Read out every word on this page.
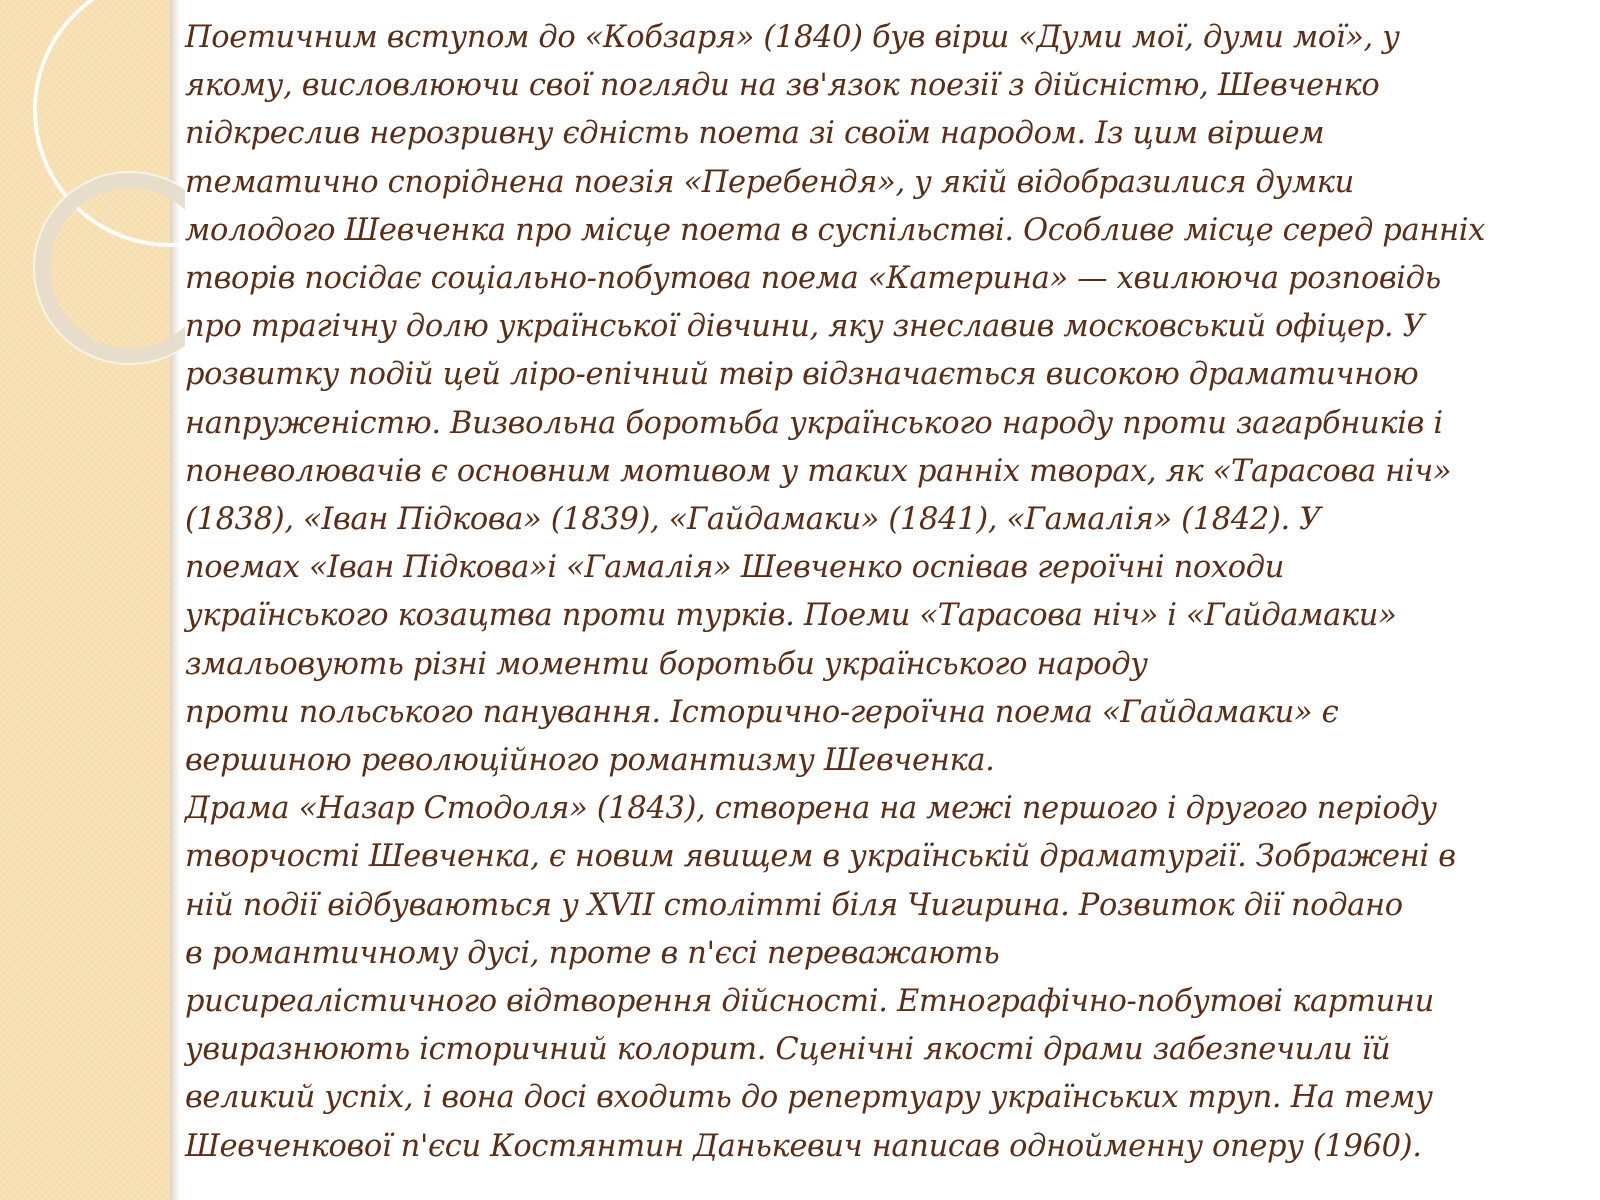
Поетичним вступом до «Кобзаря» (1840) був вірш «Думи мої, думи мої», у
якому, висловлюючи свої погляди на зв'язок поезії з дійсністю, Шевченко
підкреслив нерозривну єдність поета зі своїм народом. Із цим віршем
тематично споріднена поезія «Перебендя», у якій відобразилися думки
молодого Шевченка про місце поета в суспільстві. Особливе місце серед ранніх
творів посідає соціально-побутова поема «Катерина» — хвилююча розповідь
про трагічну долю української дівчини, яку знеславив московський офіцер. У
розвитку подій цей ліро-епічний твір відзначається високою драматичною
напруженістю. Визвольна боротьба українського народу проти загарбників і
поневолювачів є основним мотивом у таких ранніх творах, як «Тарасова ніч»
(1838), «Іван Підкова» (1839), «Гайдамаки» (1841), «Гамалія» (1842). У
поемах «Іван Підкова»і «Гамалія» Шевченко оспівав героїчні походи
українського козацтва проти турків. Поеми «Тарасова ніч» і «Гайдамаки»
змальовують різні моменти боротьби українського народу
проти польського панування. Історично-героїчна поема «Гайдамаки» є
вершиною революційного романтизму Шевченка.
Драма «Назар Стодоля» (1843), створена на межі першого і другого періоду
творчості Шевченка, є новим явищем в українській драматургії. Зображені в
ній події відбуваються у XVII столітті біля Чигирина. Розвиток дії подано
в романтичному дусі, проте в п'єсі переважають
рисиреалістичного відтворення дійсності. Етнографічно-побутові картини
увиразнюють історичний колорит. Сценічні якості драми забезпечили їй
великий успіх, і вона досі входить до репертуару українських труп. На тему
Шевченкової п'єси Костянтин Данькевич написав однойменну оперу (1960).
